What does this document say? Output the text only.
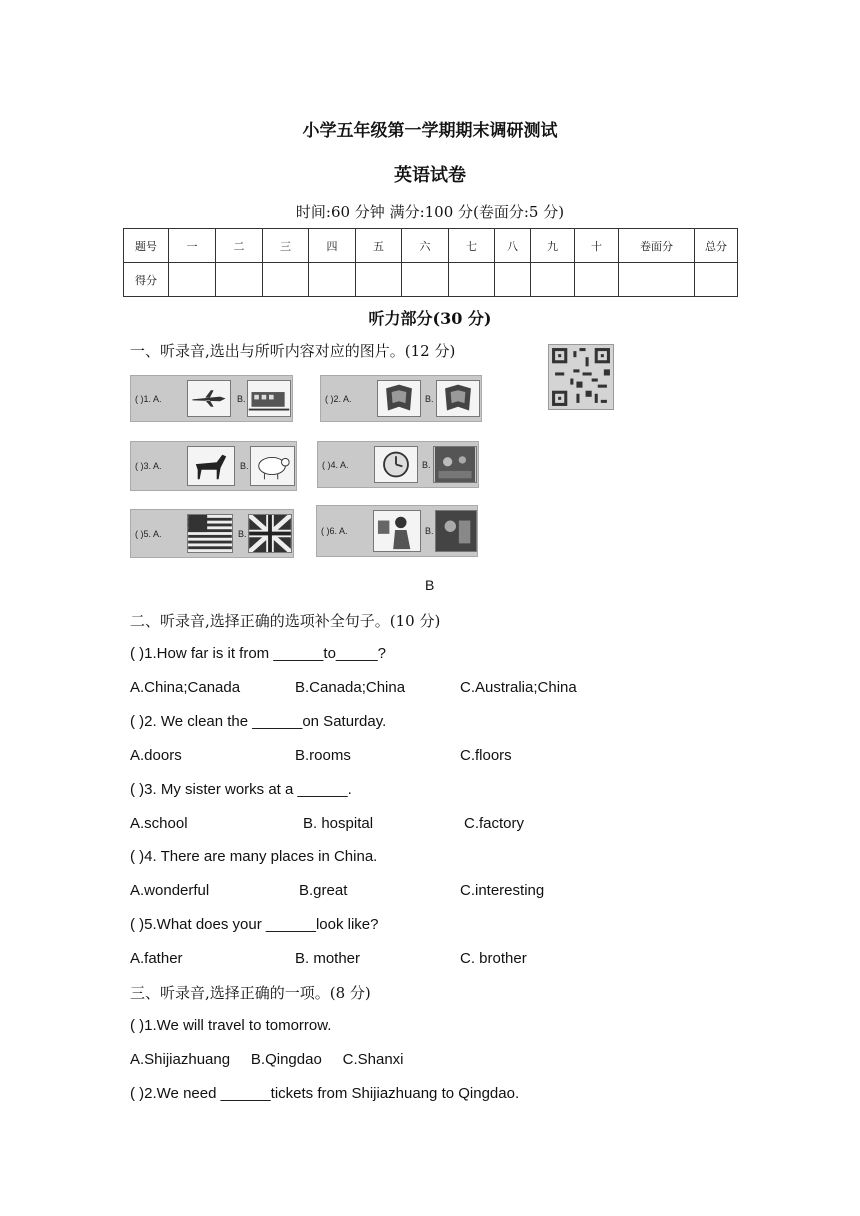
小学五年级第一学期期末调研测试
英语试卷
时间:60 分钟 满分:100 分(卷面分:5 分)
题号	一	二	三	四	五	六	七	八	九	十	卷面分	总分
得分												
听力部分(30 分)
一、听录音,选出与所听内容对应的图片。(12 分)
( )1. A.	B.	( )2. A.	B.
( )3. A.	B.	( )4. A.	B.
( )5. A.	B.	( )6. A.	B.
B
二、听录音,选择正确的选项补全句子。(10 分)
( )1.How far is it from ______to_____?
A.China;Canada	B.Canada;China	C.Australia;China
( )2. We clean the ______on Saturday.
A.doors	B.rooms	C.floors
( )3. My sister works at a ______.
A.school	B. hospital	C.factory
( )4. There are many places in China.
A.wonderful	B.great	C.interesting
( )5.What does your ______look like?
A.father	B. mother	C. brother
三、听录音,选择正确的一项。(8 分)
( )1.We will travel to tomorrow.
A.Shijiazhuang     B.Qingdao     C.Shanxi
( )2.We need ______tickets from Shijiazhuang to Qingdao.
